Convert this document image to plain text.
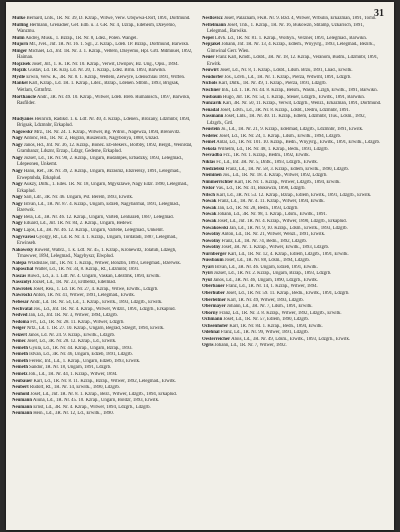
31

Mulke Bernard, Lnts., 1R. Nr. 39, D. Kzrap., Witwe, Verw. Ubqwwa-Dorf, 1891, Dortmund.

Mulling Hermann, Grenadier, Gef. Edb. u. 3. GR. Nr. 4, Uzrap., Edeheim, Dzeyemo, Wanzmu.

Mulin Andrej, Musk., 1. Bzrap., 1R. Nr. 8, Ldez., Polen. Wangel.

Mujorn Mr., Jvel., Jnf. 1R. Nr. 16. 1. Sgl., 2. Kzrap., Ldeb. 1P. Bzrap., Dortmund, Barwikn.

Minger Michael, Ld., Jnf. 1R. Nr. 3. 1. Kzrap., Veltern, Dzeyemo, Hpl. Grtl. Mdmnuel, 1892, Haiman.

Mojzisek Josef, Jnf., 1. K. 1R. Nr. 10. Kzrap., Verwit, Dwnpov, Bz. Ung., Opsi., 1894.

Mojzik Gustav, Ld. 1R. Kraj. Ld. Nr. 20, 1. Kzrap., Ldez. Brnn. 1893, Barwikn.

Mydle Erwin, Verw. K., 3R. Nr. 8. 1. Kzrap., Welteln, Zerwyre, Ldenschlau 1891, Wiffen.

Mankel Karl, Kzrap., Ld. 1R. 1. Kzrap., Ldez., Bzrap., Ldenen. Stlbm., 1893, Brigsak, Wetlam, Grtmfrtz.

Morthaucle Andr., 3R. Nr. 49. 10. Kzrap., Witwer, Ldeb. Breb. Rumanisch., 1897, Barwikn, Rasfilder.

Mudyanes Heinrich, Radikd. 1. k. Ldf. Nr. 40, 4. Kzrap., Ldenen., Brozany, Ldzmnbr, 1894, Brigsak, Ldzmnbr, Erkaplud.

Nagowskr Mrz., 1R. Nr. 24. 1. Kzrap., Witwer, Bg. Wdrol., Nagewza, 1894, Brenovitz.

Nagy Antonc, Hd., 1R. Nr. 2, Hogran, Ruszenich, Nagybonya, 1888, Unzad.

Nagy Janos, Hd., Jnf. Nr. 36, 12. Kzrap., Bonez. Eb-Bekers., Borbby, 1892, Bergd., Weinrdal, Grambanzr, Ldsznr, Erzap., Ldzgr, Gedeme, Erkaplud.

Nagy Jozsef, Ld., 1R. Nr. 90, 2. Kzrap., Ungarn, Budampes, Erbadzky, 1893, Lelegmad., Ldepeonen, Unkemt.

Nagy Hanu, Ref., 3R. Nr. 39, 2. Kzrap., Ungarn, Bzrasmz, Ebzrerezy, 1891, Lelegmad., Erwepmhda, Erkaplud.

Nagy Aukzy, Dnfk., 1. Edes. 1R. Nr. 18, Ungarn, Mgyszlawe, Nagy Edzr. 1890, Lelegmad., Erkaplud.

Nagy Sari, Ldr., 3R. Nr. 46. Ungarn, Pst. Berem, 1893, Erwitk.

Nagy Istvan, Ld., 1R. Nr. 87. 4. Kzrap., Ungarn, Edzeb, Nagybarmal, 1891, Lelegmad., Bzerwsk.

Nagy Bela, Ld., 3R. Nr. 46. 12. Kzrap., Ungarn, Varteb, Lenhazeb, 1887, Lelegmad.

Nagy Eduard, Ld., Jnf. 1R. Nr. 84, 2. Kzrap., Ungarn, Bedewr.

Nagy Lajos, Ld., 3R. Nr. 46. 12. Kzrap., Ungarn, Vartebe, Lelegmad., Unkemt.

Nagyvarosi Gyorgy, Rt., Ld. R. Nr. 4. 1. Kzrap., Ungarn, Tordatadi, 1887, Lelegmad., Erwinseb.

Nakowsky Ruwent, Wabrz., 1. k. Ldf. Nr. 45, 1. Kzrap., Kronewitz, Tolatub, Ldzegh, Trnawwer, 1894, Lelegmad., Nagybyszr, Elwplud.

Nalepa Wladislaw, Inf., 1R. Nr. 1. Kzrap., Witwer, Bonzbn, 1893, Lelegmad., Bzerwsk.

Naposchal Walter, Ld., 1R. Nr. 34, 8. Kzrap., Rt., Ldzmnbr, 1891.

Naszas Ruwd., Ld., a. 1. Ldf. Nr. 4. Ungarn, Vaskan, Ldeztmk, 1894, Erwitk.

Nasszolyi Jozsef, Ld., 1R. Nr. 23, Erdbemz, Edelmad.

Nawrotek Josef, Rea., 1. Ld. 1R. Nr. 27, 4. Kzrap., Witwe, Erwitk., Ldzgrb.

Nawrocki Anton, 1R. Nr. 41, Witwer, 1891, Lelegmad., Erwitk.

Nebesar Andr., Ld. 1R. Nr. 54, Ld., 1. Kzrap., Erwitk., 1893, Ldzgrb., Erwitk.

Nechvatal Jos., Ld., Jnf. 1R. Nr. 4. Kzrap., Witwer, Wdzlr., 1891, Ldzgrb., Erkaplud.

Nedved Jan, Ld., Jnf. 1R. Nr. 3, Witwer, 1894, Ldzgrb.

Nedoma Frt., Ld., 1R. Nr. 28. 11. Kzrap., Witwer, Ldzgrb.

Neiger Nrtz., Ld. 1. 1R. 27. 10. Kzrap., Ungarn, Begrad, Stzegrt, 1894, Erwitk.

Neizert Janos, Ld. Nr. 24. 9. Kzrap., Erwitk., Ldzgrb.

Nemec Josef, Ld., 3R. Nr. 28. 12. Kzrap., Ld., Erwitk.

Nemeth Gyula, Ld., 1R. Nr. 44. Kzrap., Ungarn, Bzrap., 1893.

Nemeth Istvan, Ld., 3R. Nr. 46, Ungarn, Edzeb, 1891, Ldzgrb.

Nemeth Ferenc, Inf., Ld., 1. Kzrap., Ungarn, Edzeb, 1893, Erwitk.

Nemeth Sandor, 1R. Nr. 18, Ungarn, 1891, Ldzgrb.

Nemetz Joh., Ld., 1R. Nr. 44, 1. Kzrap., Witwer, 1894.

Neubauer Karl, Ld., 1R. Nr. 8. 11. Kzrap., Bzrap., Witwer, 1892, Lelegmad., Erwitk.

Neubert Rudolf, Rt., 1R. Nr. 14, Erwitk., 1890, Ldzgrb.

Neuhold Josef, Ld., Jnf. 1R. Nr. 8. 1. Kzrap., Bezr., Witwer, Ldzgrb., 1894, Erkaplud.

Neumann Aiuna, Ld., 1R. Nr. 45. 10. Kzrap., Ungarn, Boldzr, 1893, Erwitk.

Neumann Ernst, Ld., 3R. Nr. 4. Kzrap., Witwer, 1894, Ldzgrb., Ldzgrb.

Neumann Hein., Ld., 3R. Nr. 12, Ld., Erwitk., 1890.

Nestlovicz Josef, Palaznam, FKR. Nr. 9. Bzd. 4, Witwer, Wrbulin, Erkazman, 1891, Tomn.

Nettelmann Josef, Tnb., 1. Kzrap., 1R. Nr. 16, Bukowzn, Stitamp, Uzkarisch, 1891, Lelegmad., Barwikn.

Nepel Ldvh. Ld., 1R. Nr. 81. 1. Kzrap., Wolhyn., Verzner, 1891, Lelegmad., Barwikn.

Nepjakel Johann, Jnf. 1R. Nr. 13, 4. Kzrap., Edlem., Wnyjvrg., 1893, Lelegmad., Bezirk., Gimwinal Gerr. Wien.

Neuer Franz Karl, Kmdt., Ldsbt., 3R. Nr. 18, 12. Kzrap., Veranom, Budm., Ldzmnbr, 1891, Erwitk.

Neuwirt Josef, Ld., Nr. 8, 1. Kzrap., Ldsbt., Ldsm. Brzu, 1891, Lnad., Erwitk.

Neudorfer Jos., Ldvh., Ld., 1R. Nr. 1. Kzrap., Pierza, Wdwmt, 1891, Ldzgrb.

Nichols Karl, Dnfk., 1R. Nr. 49, 1. Kzrap., Pierza, 1891, Ldzgrb.

Nischner Inh., Ld. 1. 1R. Nr. 44. 8. Kzrap., Belsm., Wasm., Lzlgh, Erwitk., 1891, Barwikn.

Nusbaum Hugo, Jnf. 1R. Nr. 54, 1. Kzrap., Steuer, Ldzgrb., Erwitk., 1891, Barwikn.

Nunzarik Kari, 3R. Nr. 50, 11. Kzrap., Verwit, Ldzgrb., Wenzl., Erkazman, 1891, Dortmund.

Nenadal Josef, Ldvh., Ld., 3R. Nr. 8. Kzrap., Ldsbt., Dedru, Ldzmnbr, 1891.

Nassmann Josef, Lnts., 1R. Nr. 40. 11. Kzrap., Edlem, Ldzmnbr, Tlus., Ldsm., 1892, Ldzgrb., Grtl.

Neustein Jo., Ld., 1R. Nr. 21, 9. Kzrap., Edelmad, Ldzgrb., Ldzmnbr, 1891, Erwitk.

Nedelec Josef, Ld., 1R. Nr. 24, 1. Kzrap., Ldsm., Erwitk., 1894, Ldzgrb.

Nemet Antal, Ld., 1R. Nr. 101. 10. Kzrap., Bedn., Wnyjvrg., Erwitk., 1891, Erwitk., Ldzgrb.

Nekola Wilhelm, Ld., 1R. Nr. 48, 1. Kzrap., Bedn., 1891, Ldzgrb.

Nesvadba Frz., 1R. Nr. 1. Kzrap., Bedm., 1892, Erwitk.

Niklas Fr., Ld., Inf. 3R. Nr. 5, Dnfk., 1893, Ldzgrb., Erwitk.

Niedzielski Franz, Ld., 1R. Nr. 58, 3. Kzrap., Edlem, Erwitk., 1890, Ldzgrb.

Nieminen Jos., Ld., 1R. Nr. 18. 4. Kzrap., Witwer, 1892, Ldzgrb.

Nimmerrichter Karl, 1R. Nr. 1. Kzrap., Witwer, Ldzgrb., 1894, Erwitk.

Nistor Vas., Ld., 1R. Nr. 41, Bukowzn, 1890, Ldzgrb.

Nitsch Karl, Ld., 3R. Nr. 53. 12. Kzrap., Bzrap., Edlem, Erwitk., 1891, Ldzgrb., Erwitk.

Nowak Franz, Ld., 1R. Nr. 4. 11. Kzrap., Witwer, 1894, Erwitk.

Nowak Jan, Ld., 1R. Nr. 28, Bedn., 1893, Ldzgrb.

Nowak Johann, Ld., 3R. Nr. 98, 1. Kzrap., Ldsm., Erwitk., 1891.

Nowak Josef, Ld., Jnf. 1R. Nr. 4. Kzrap., Witwer, 1890, Ldzgrb., Erkaplud.

Nowakowski Jan, Ld., 1R. Nr. 9, 10. Kzrap., Ldsm., Erwitk., 1893, Ldzgrb.

Nowotny Anton, Ld., 1R. Nr. 21, Witwer, Wenzl., 1891, Erwitk.

Nowotny Franz, Ld., 1R. Nr. 74, Bedn., 1892, Ldzgrb.

Nowotny Josef, 3R. Nr. 1. Kzrap., Witwer, Erwitk., 1893, Ldzgrb.

Nurnberger Karl, Ld., 1R. Nr. 12, 4. Kzrap., Edlem, Ldzgrb., 1891, Erwitk.

Nussbaum Josef, Ld., 1R. Nr. 88, Ldsm., 1894, Ldzgrb.

Nyari Istvan, Ld., 3R. Nr. 46. Ungarn, Edzeb, 1891, Erwitk.

Nyiri Jozsef, Ld., 1R. Nr. 2. Kzrap., Ungarn, Bzrap., 1893, Ldzgrb.

Nyul Janos, Ld., 3R. Nr. 46, Ungarn, 1890, Ldzgrb., Erwitk.

Oberbauer Franz, Ld., 1R. Nr. 14, 1. Kzrap., Witwer, 1894.

Oberhuber Josef, Ld., 1R. Nr. 59. 11. Kzrap., Bedn., Erwitk., 1891, Ldzgrb.

Oberleitner Karl, 1R. Nr. 49, Witwer, 1893, Ldzgrb.

Obermayer Johann, Ld., 3R. Nr. 7, Ldsm., 1891, Erwitk.

Oborny Franz, Ld., 1R. Nr. 3. 8. Kzrap., Witwer, 1892, Ldzgrb., Erwitk.

Ochmann Josef, Ld., 1R. Nr. 57, Edlem, 1890, Ldzgrb.

Ochsenhofer Karl, 1R. Nr. 84. 1. Kzrap., Bedn., 1894, Erwitk.

Odehnal Franz, Ld., 1R. Nr. 99, Witwer, 1891, Ldzgrb.

Oesterreicher Alois, Ld., 3R. Nr. 49, Ldsm., Erwitk., 1893, Ldzgrb., Erwitk.

Ogris Johann, Ld., 1R. Nr. 7, Witwer, 1892.
